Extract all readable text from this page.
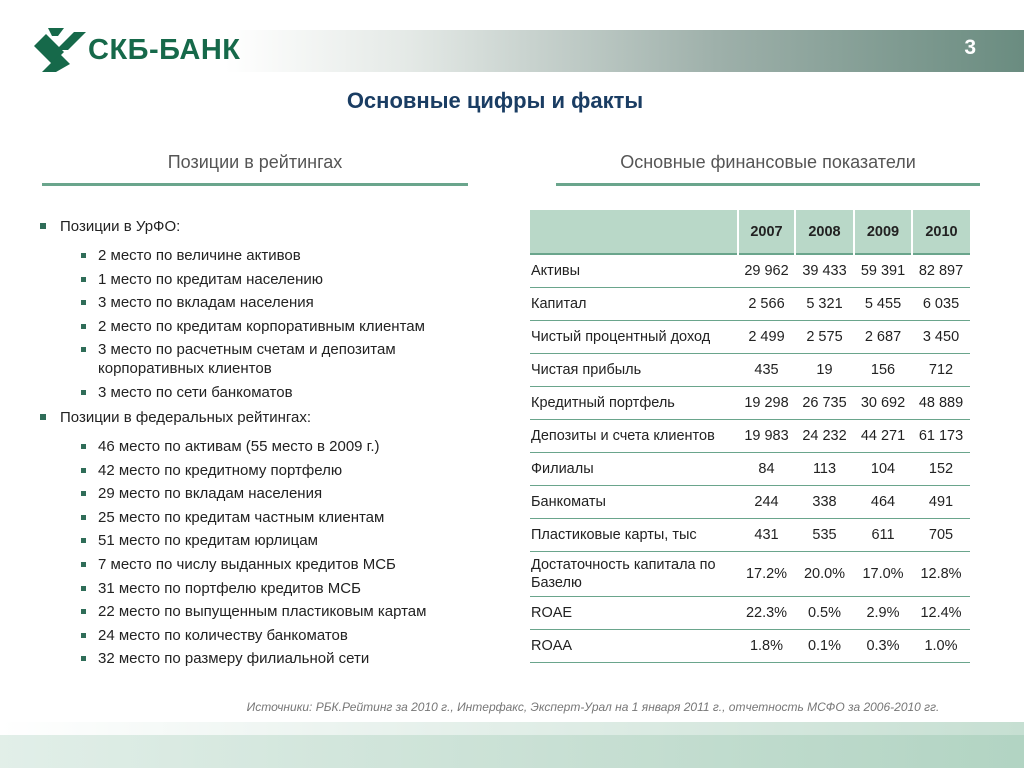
3
СКБ-БАНК
Основные цифры и факты
Позиции в рейтингах	Основные финансовые показатели
Позиции в УрФО:
2 место по величине активов
1 место по кредитам населению
3 место по вкладам населения
2 место по кредитам корпоративным клиентам
3 место по расчетным счетам и депозитам корпоративных клиентов
3 место по сети банкоматов
Позиции в федеральных рейтингах:
46 место по активам (55 место в 2009 г.)
42 место по кредитному портфелю
29 место по вкладам населения
25 место по кредитам частным клиентам
51 место по кредитам юрлицам
7 место по числу выданных кредитов МСБ
31 место по портфелю кредитов МСБ
22 место по выпущенным пластиковым картам
24 место по количеству банкоматов
32 место по размеру филиальной сети
	2007	2008	2009	2010
Активы	29 962	39 433	59 391	82 897
Капитал	2 566	5 321	5 455	6 035
Чистый процентный доход	2 499	2 575	2 687	3 450
Чистая прибыль	435	19	156	712
Кредитный портфель	19 298	26 735	30 692	48 889
Депозиты и счета клиентов	19 983	24 232	44 271	61 173
Филиалы	84	113	104	152
Банкоматы	244	338	464	491
Пластиковые карты, тыс	431	535	611	705
Достаточность капитала по Базелю	17.2%	20.0%	17.0%	12.8%
ROAE	22.3%	0.5%	2.9%	12.4%
ROAA	1.8%	0.1%	0.3%	1.0%
Источники: РБК.Рейтинг за 2010 г., Интерфакс, Эксперт-Урал на 1 января 2011 г., отчетность МСФО за 2006-2010 гг.
